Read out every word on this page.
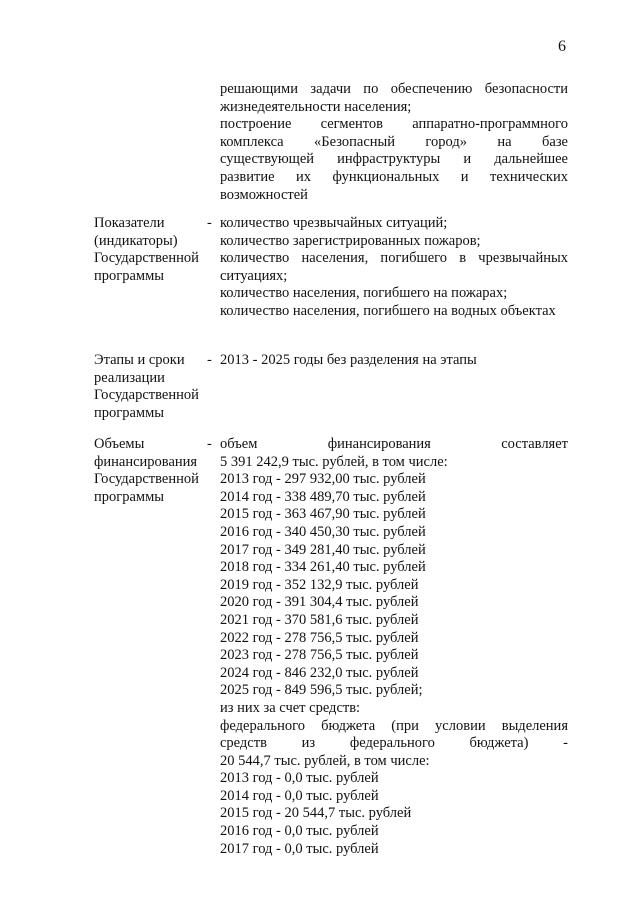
6

решающими задачи по обеспечению безопасности

жизнедеятельности населения;

построение сегментов аппаратно-программного

комплекса «Безопасный город» на базе

существующей инфраструктуры и дальнейшее

развитие их функциональных и технических

возможностей

Показатели

(индикаторы)

Государственной

программы

- количество чрезвычайных ситуаций;

количество зарегистрированных пожаров;

количество населения, погибшего в чрезвычайных

ситуациях;

количество населения, погибшего на пожарах;

количество населения, погибшего на водных объектах

Этапы и сроки

реализации

Государственной

программы

- 2013 - 2025 годы без разделения на этапы

Объемы

финансирования

Государственной

программы

- объем финансирования составляет

5 391 242,9 тыс. рублей, в том числе:

2013 год - 297 932,00 тыс. рублей

2014 год - 338 489,70 тыс. рублей

2015 год - 363 467,90 тыс. рублей

2016 год - 340 450,30 тыс. рублей

2017 год - 349 281,40 тыс. рублей

2018 год - 334 261,40 тыс. рублей

2019 год - 352 132,9 тыс. рублей

2020 год - 391 304,4 тыс. рублей

2021 год - 370 581,6 тыс. рублей

2022 год - 278 756,5 тыс. рублей

2023 год - 278 756,5 тыс. рублей

2024 год - 846 232,0 тыс. рублей

2025 год - 849 596,5 тыс. рублей;

из них за счет средств:

федерального бюджета (при условии выделения

средств из федерального бюджета) -

20 544,7 тыс. рублей, в том числе:

2013 год - 0,0 тыс. рублей

2014 год - 0,0 тыс. рублей

2015 год - 20 544,7 тыс. рублей

2016 год - 0,0 тыс. рублей

2017 год - 0,0 тыс. рублей
